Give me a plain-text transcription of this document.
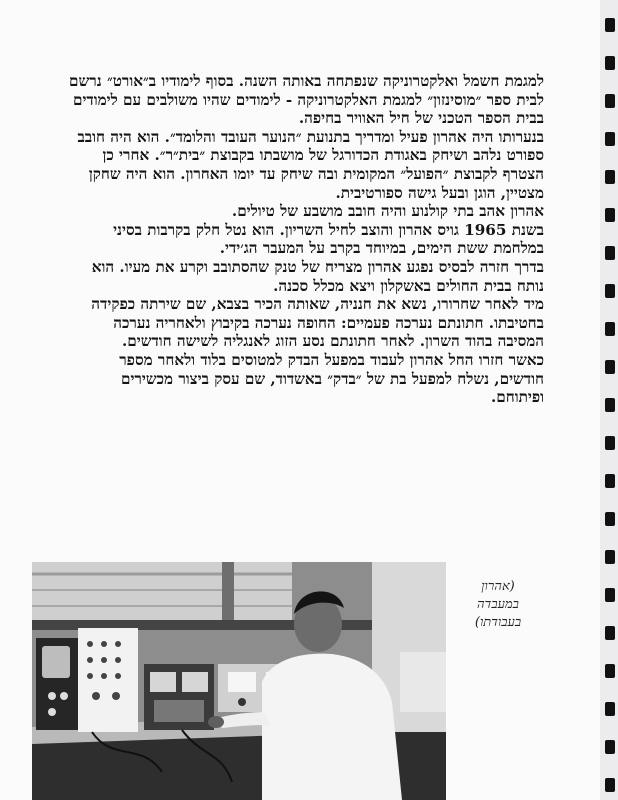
למגמת חשמל ואלקטרוניקה שנפתחה באותה השנה. בסוף לימודיו ב״אורט״ נרשם לבית ספר ״מוסינזון״ למגמת האלקטרוניקה - לימודים שהיו משולבים עם לימודים בבית הספר הטכני של חיל האוויר בחיפה.

בנערותו היה אהרון פעיל ומדריך בתנועת ״הנוער העובד והלומד״. הוא היה חובב ספורט נלהב ושיחק באגודת הכדורגל של מושבתו בקבוצת ״בית״ר״. אחרי כן הצטרף לקבוצת ״הפועל״ המקומית ובה שיחק עד יומו האחרון. הוא היה שחקן מצטיין, הוגן ובעל גישה ספורטיבית.

אהרון אהב בתי קולנוע והיה חובב מושבע של טיולים.

בשנת 1965 גויס אהרון והוצב לחיל השריון. הוא נטל חלק בקרבות בסיני במלחמת ששת הימים, במיוחד בקרב על המעבר הג׳ידי.

בדרך חזרה לבסיס נפגע אהרון מצריח של טנק שהסתובב וקרע את מעיו. הוא נותח בבית החולים באשקלון ויצא מכלל סכנה.

מיד לאחר שחרורו, נשא את חנניה, שאותה הכיר בצבא, שם שירתה כפקידה בחטיבתו. חתונתם נערכה פעמיים: החופה נערכה בקיבוץ ולאחריה נערכה המסיבה בהוד השרון. לאחר חתונתם נסע הזוג לאנגליה לשישה חודשים.

כאשר חזרו החל אהרון לעבוד במפעל הבדק למטוסים בלוד ולאחר מספר חודשים, נשלח למפעל בת של ״בדק״ באשדוד, שם עסק ביצור מכשירים ופיתוחם.

(אהרון
במעבדה
בעבודתו)
